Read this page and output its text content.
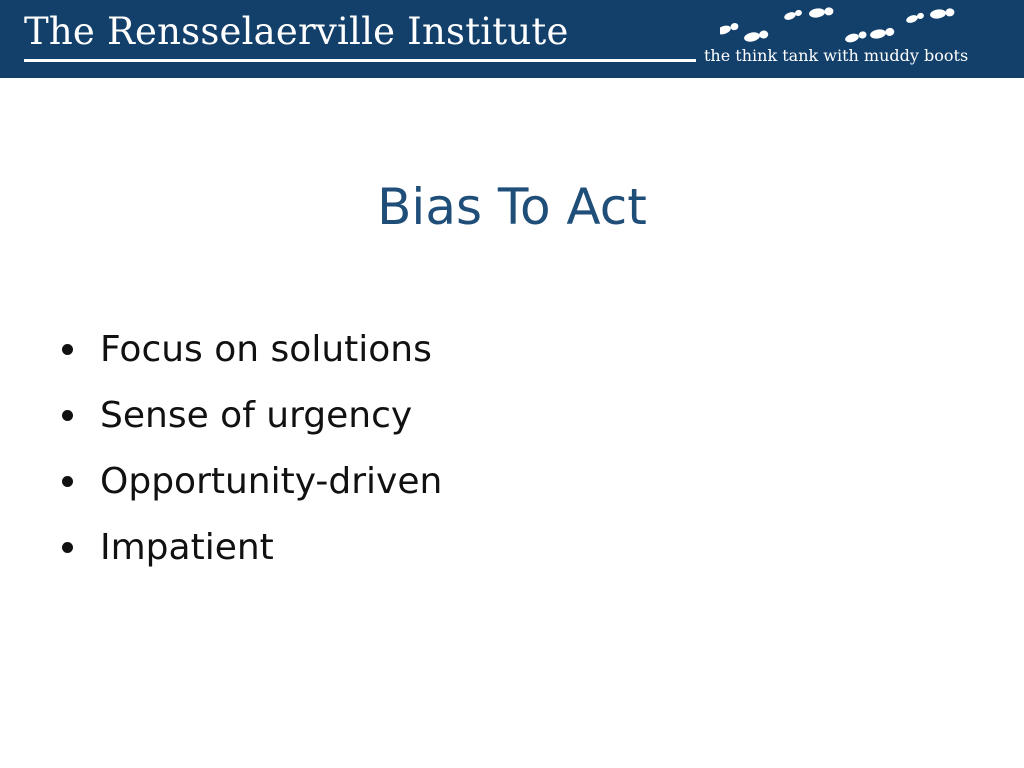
The Rensselaerville Institute
the think tank with muddy boots
Bias To Act
Focus on solutions
Sense of urgency
Opportunity-driven
Impatient
